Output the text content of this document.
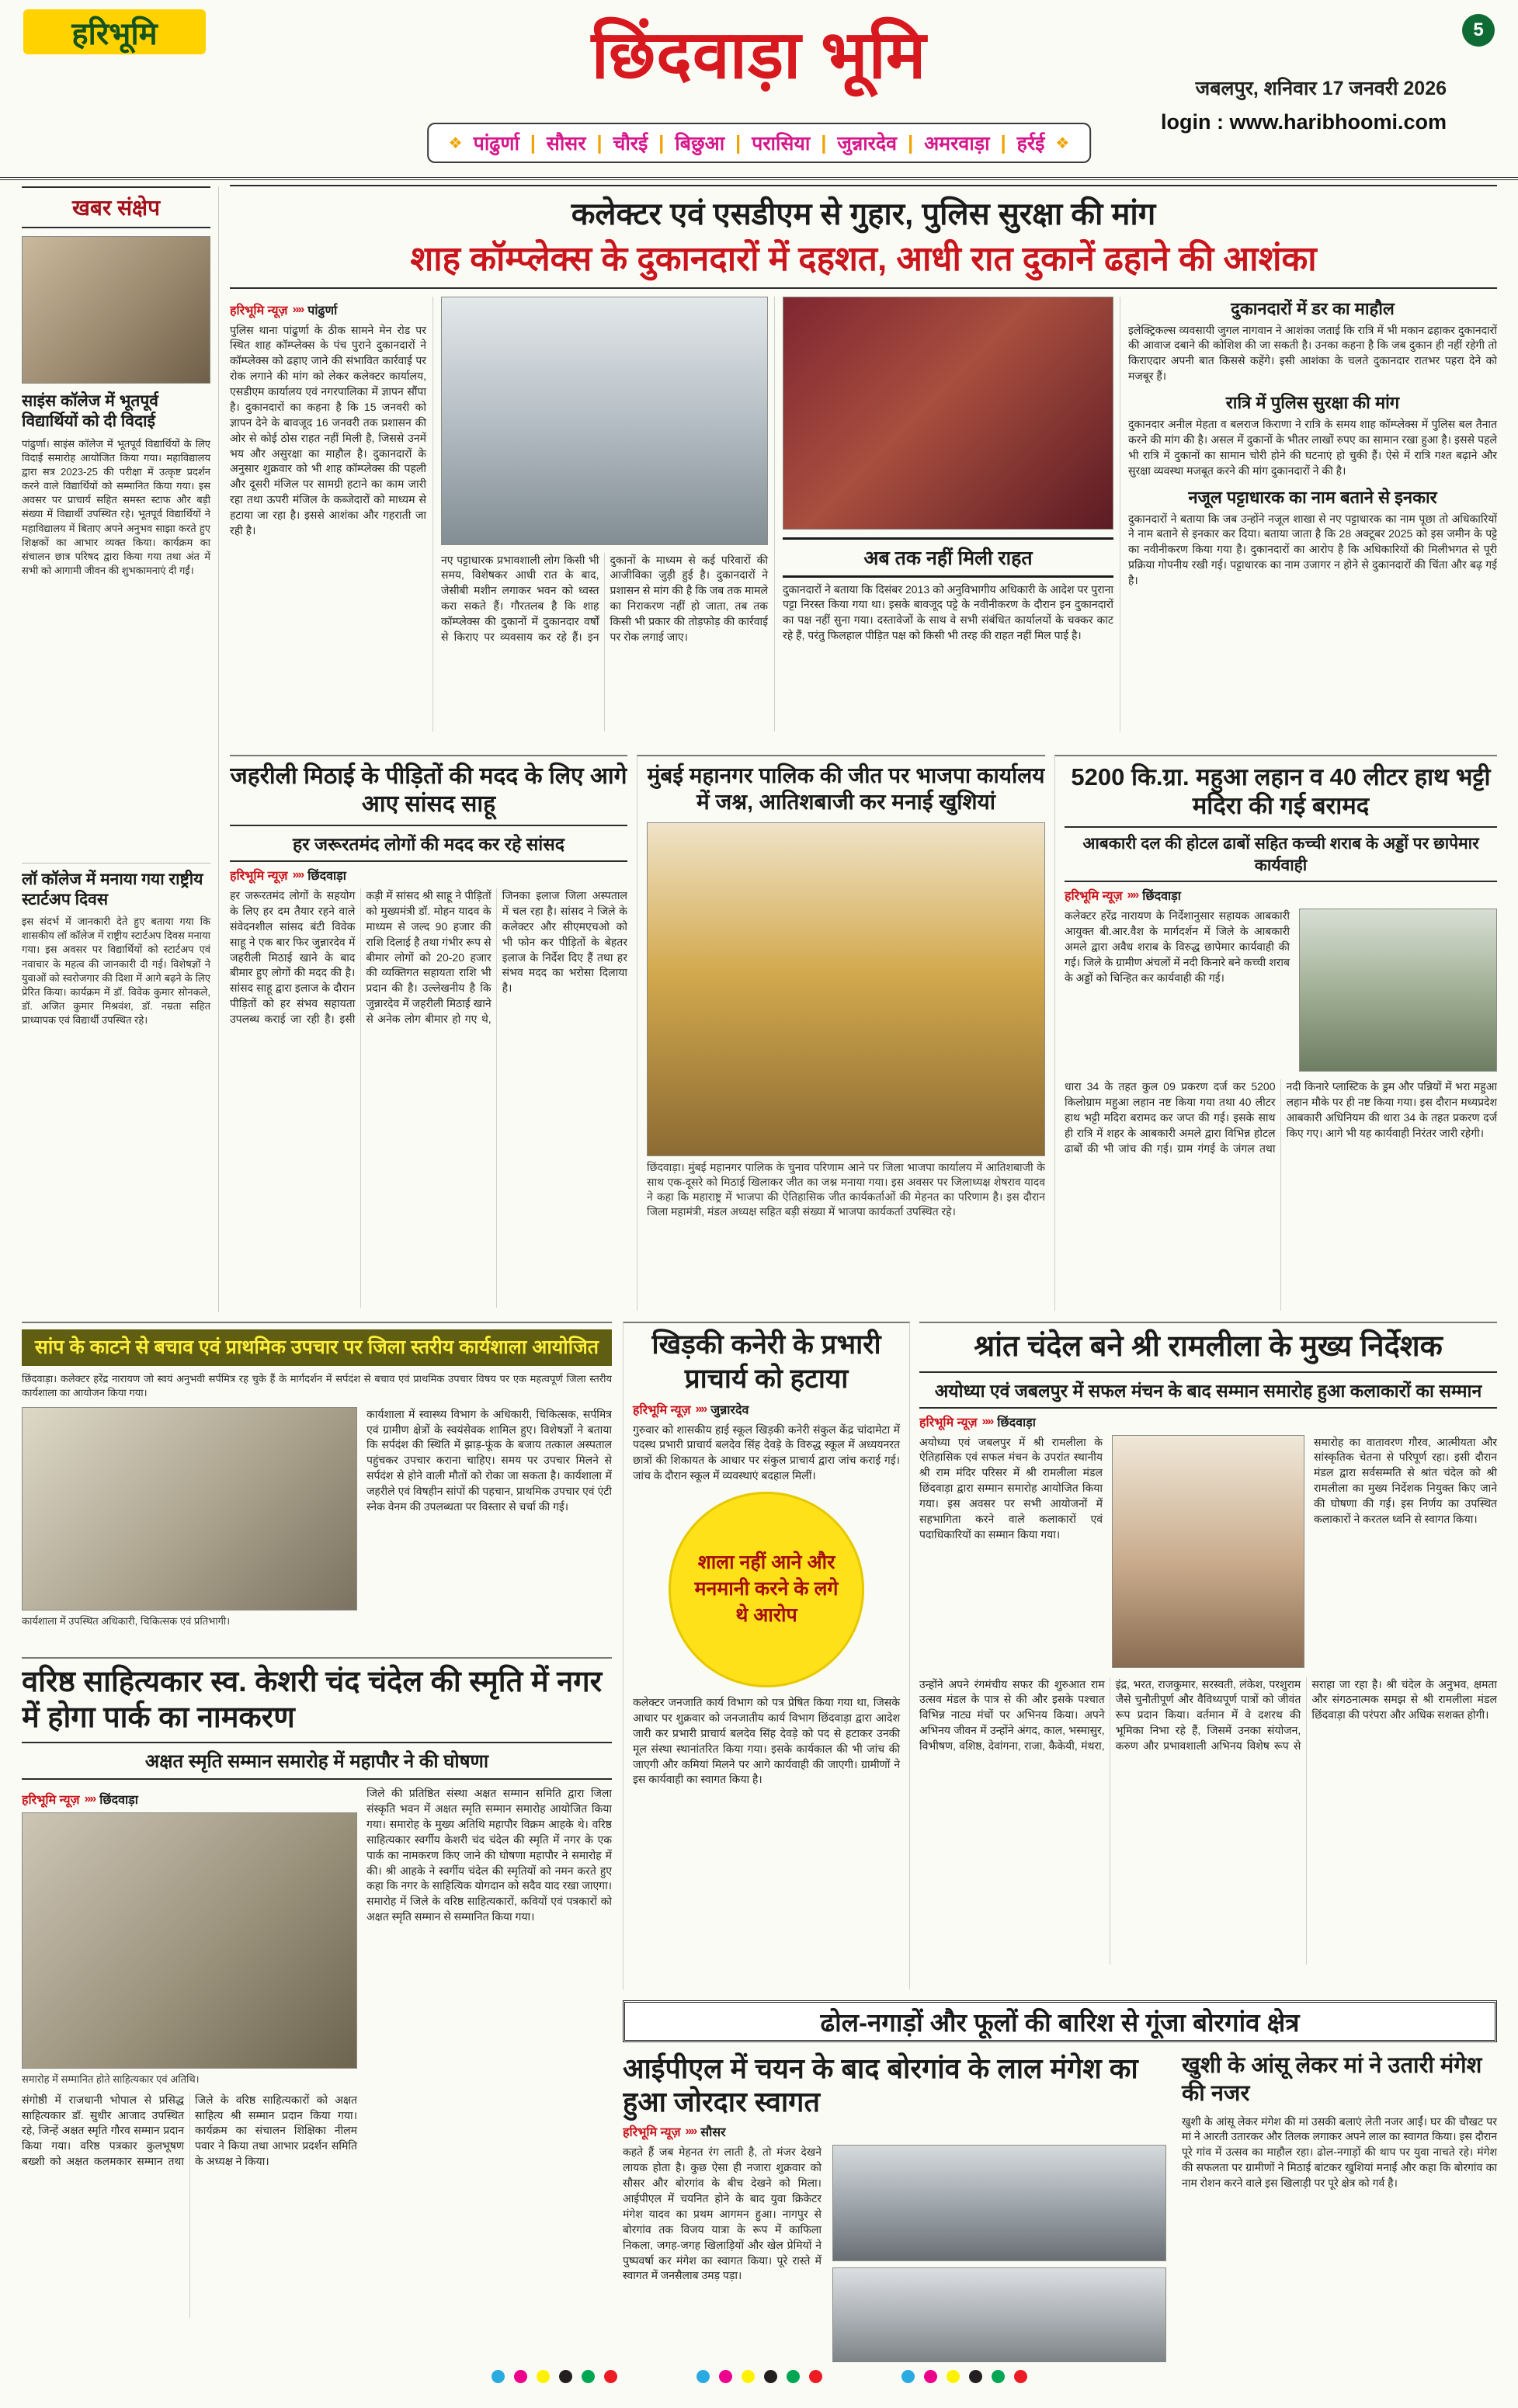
हरिभूमि	5
छिंदवाड़ा भूमि	जबलपुर, शनिवार 17 जनवरी 2026
login : www.haribhoomi.com
❖ पांढुर्णा | सौसर | चौरई | बिछुआ | परासिया | जुन्नारदेव | अमरवाड़ा | हर्रई ❖
खबर संक्षेप
साइंस कॉलेज में भूतपूर्व विद्यार्थियों को दी विदाई
पांढुर्णा। साइंस कॉलेज में भूतपूर्व विद्यार्थियों के लिए विदाई समारोह आयोजित किया गया। महाविद्यालय द्वारा सत्र 2023-25 की परीक्षा में उत्कृष्ट प्रदर्शन करने वाले विद्यार्थियों को सम्मानित किया गया। इस अवसर पर प्राचार्य सहित समस्त स्टाफ और बड़ी संख्या में विद्यार्थी उपस्थित रहे। भूतपूर्व विद्यार्थियों ने महाविद्यालय में बिताए अपने अनुभव साझा करते हुए शिक्षकों का आभार व्यक्त किया। कार्यक्रम का संचालन छात्र परिषद द्वारा किया गया तथा अंत में सभी को आगामी जीवन की शुभकामनाएं दी गईं।
लॉ कॉलेज में मनाया गया राष्ट्रीय स्टार्टअप दिवस
इस संदर्भ में जानकारी देते हुए बताया गया कि शासकीय लॉ कॉलेज में राष्ट्रीय स्टार्टअप दिवस मनाया गया। इस अवसर पर विद्यार्थियों को स्टार्टअप एवं नवाचार के महत्व की जानकारी दी गई। विशेषज्ञों ने युवाओं को स्वरोजगार की दिशा में आगे बढ़ने के लिए प्रेरित किया। कार्यक्रम में डॉ. विवेक कुमार सोनकले, डॉ. अजित कुमार मिश्रवंश, डॉ. नम्रता सहित प्राध्यापक एवं विद्यार्थी उपस्थित रहे।
कलेक्टर एवं एसडीएम से गुहार, पुलिस सुरक्षा की मांग
शाह कॉम्प्लेक्स के दुकानदारों में दहशत, आधी रात दुकानें ढहाने की आशंका
हरिभूमि न्यूज़ »» पांढुर्णा
पुलिस थाना पांढुर्णा के ठीक सामने मेन रोड पर स्थित शाह कॉम्प्लेक्स के पंच पुराने दुकानदारों ने कॉम्प्लेक्स को ढहाए जाने की संभावित कार्रवाई पर रोक लगाने की मांग को लेकर कलेक्टर कार्यालय, एसडीएम कार्यालय एवं नगरपालिका में ज्ञापन सौंपा है। दुकानदारों का कहना है कि 15 जनवरी को ज्ञापन देने के बावजूद 16 जनवरी तक प्रशासन की ओर से कोई ठोस राहत नहीं मिली है, जिससे उनमें भय और असुरक्षा का माहौल है। दुकानदारों के अनुसार शुक्रवार को भी शाह कॉम्प्लेक्स की पहली और दूसरी मंजिल पर सामग्री हटाने का काम जारी रहा तथा ऊपरी मंजिल के कब्जेदारों को माध्यम से हटाया जा रहा है। इससे आशंका और गहराती जा रही है।
नए पट्टाधारक प्रभावशाली लोग किसी भी समय, विशेषकर आधी रात के बाद, जेसीबी मशीन लगाकर भवन को ध्वस्त करा सकते हैं। गौरतलब है कि शाह कॉम्प्लेक्स की दुकानों में दुकानदार वर्षों से किराए पर व्यवसाय कर रहे हैं। इन दुकानों के माध्यम से कई परिवारों की आजीविका जुड़ी हुई है। दुकानदारों ने प्रशासन से मांग की है कि जब तक मामले का निराकरण नहीं हो जाता, तब तक किसी भी प्रकार की तोड़फोड़ की कार्रवाई पर रोक लगाई जाए।
अब तक नहीं मिली राहत
दुकानदारों ने बताया कि दिसंबर 2013 को अनुविभागीय अधिकारी के आदेश पर पुराना पट्टा निरस्त किया गया था। इसके बावजूद पट्टे के नवीनीकरण के दौरान इन दुकानदारों का पक्ष नहीं सुना गया। दस्तावेजों के साथ वे सभी संबंधित कार्यालयों के चक्कर काट रहे हैं, परंतु फिलहाल पीड़ित पक्ष को किसी भी तरह की राहत नहीं मिल पाई है।
दुकानदारों में डर का माहौल
इलेक्ट्रिकल्स व्यवसायी जुगल नागवान ने आशंका जताई कि रात्रि में भी मकान ढहाकर दुकानदारों की आवाज दबाने की कोशिश की जा सकती है। उनका कहना है कि जब दुकान ही नहीं रहेगी तो किराएदार अपनी बात किससे कहेंगे। इसी आशंका के चलते दुकानदार रातभर पहरा देने को मजबूर हैं।
रात्रि में पुलिस सुरक्षा की मांग
दुकानदार अनील मेहता व बलराज किराणा ने रात्रि के समय शाह कॉम्प्लेक्स में पुलिस बल तैनात करने की मांग की है। असल में दुकानों के भीतर लाखों रुपए का सामान रखा हुआ है। इससे पहले भी रात्रि में दुकानों का सामान चोरी होने की घटनाएं हो चुकी हैं। ऐसे में रात्रि गश्त बढ़ाने और सुरक्षा व्यवस्था मजबूत करने की मांग दुकानदारों ने की है।
नजूल पट्टाधारक का नाम बताने से इनकार
दुकानदारों ने बताया कि जब उन्होंने नजूल शाखा से नए पट्टाधारक का नाम पूछा तो अधिकारियों ने नाम बताने से इनकार कर दिया। बताया जाता है कि 28 अक्टूबर 2025 को इस जमीन के पट्टे का नवीनीकरण किया गया है। दुकानदारों का आरोप है कि अधिकारियों की मिलीभगत से पूरी प्रक्रिया गोपनीय रखी गई। पट्टाधारक का नाम उजागर न होने से दुकानदारों की चिंता और बढ़ गई है।
जहरीली मिठाई के पीड़ितों की मदद के लिए आगे आए सांसद साहू
हर जरूरतमंद लोगों की मदद कर रहे सांसद
हरिभूमि न्यूज़ »» छिंदवाड़ा
हर जरूरतमंद लोगों के सहयोग के लिए हर दम तैयार रहने वाले संवेदनशील सांसद बंटी विवेक साहू ने एक बार फिर जुन्नारदेव में जहरीली मिठाई खाने के बाद बीमार हुए लोगों की मदद की है। सांसद साहू द्वारा इलाज के दौरान पीड़ितों को हर संभव सहायता उपलब्ध कराई जा रही है। इसी कड़ी में सांसद श्री साहू ने पीड़ितों को मुख्यमंत्री डॉ. मोहन यादव के माध्यम से जल्द 90 हजार की राशि दिलाई है तथा गंभीर रूप से बीमार लोगों को 20-20 हजार की व्यक्तिगत सहायता राशि भी प्रदान की है। उल्लेखनीय है कि जुन्नारदेव में जहरीली मिठाई खाने से अनेक लोग बीमार हो गए थे, जिनका इलाज जिला अस्पताल में चल रहा है। सांसद ने जिले के कलेक्टर और सीएमएचओ को भी फोन कर पीड़ितों के बेहतर इलाज के निर्देश दिए हैं तथा हर संभव मदद का भरोसा दिलाया है।
मुंबई महानगर पालिक की जीत पर भाजपा कार्यालय में जश्न, आतिशबाजी कर मनाई खुशियां
छिंदवाड़ा। मुंबई महानगर पालिक के चुनाव परिणाम आने पर जिला भाजपा कार्यालय में आतिशबाजी के साथ एक-दूसरे को मिठाई खिलाकर जीत का जश्न मनाया गया। इस अवसर पर जिलाध्यक्ष शेषराव यादव ने कहा कि महाराष्ट्र में भाजपा की ऐतिहासिक जीत कार्यकर्ताओं की मेहनत का परिणाम है। इस दौरान जिला महामंत्री, मंडल अध्यक्ष सहित बड़ी संख्या में भाजपा कार्यकर्ता उपस्थित रहे।
5200 कि.ग्रा. महुआ लहान व 40 लीटर हाथ भट्टी मदिरा की गई बरामद
आबकारी दल की होटल ढाबों सहित कच्ची शराब के अड्डों पर छापेमार कार्यवाही
हरिभूमि न्यूज़ »» छिंदवाड़ा
कलेक्टर हरेंद्र नारायण के निर्देशानुसार सहायक आबकारी आयुक्त बी.आर.वैश के मार्गदर्शन में जिले के आबकारी अमले द्वारा अवैध शराब के विरुद्ध छापेमार कार्यवाही की गई। जिले के ग्रामीण अंचलों में नदी किनारे बने कच्ची शराब के अड्डों को चिन्हित कर कार्यवाही की गई।
धारा 34 के तहत कुल 09 प्रकरण दर्ज कर 5200 किलोग्राम महुआ लहान नष्ट किया गया तथा 40 लीटर हाथ भट्टी मदिरा बरामद कर जप्त की गई। इसके साथ ही रात्रि में शहर के आबकारी अमले द्वारा विभिन्न होटल ढाबों की भी जांच की गई। ग्राम गंगई के जंगल तथा नदी किनारे प्लास्टिक के ड्रम और पन्नियों में भरा महुआ लहान मौके पर ही नष्ट किया गया। इस दौरान मध्यप्रदेश आबकारी अधिनियम की धारा 34 के तहत प्रकरण दर्ज किए गए। आगे भी यह कार्यवाही निरंतर जारी रहेगी।
सांप के काटने से बचाव एवं प्राथमिक उपचार पर जिला स्तरीय कार्यशाला आयोजित
छिंदवाड़ा। कलेक्टर हरेंद्र नारायण जो स्वयं अनुभवी सर्पमित्र रह चुके हैं के मार्गदर्शन में सर्पदंश से बचाव एवं प्राथमिक उपचार विषय पर एक महत्वपूर्ण जिला स्तरीय कार्यशाला का आयोजन किया गया।
कार्यशाला में उपस्थित अधिकारी, चिकित्सक एवं प्रतिभागी।
कार्यशाला में स्वास्थ्य विभाग के अधिकारी, चिकित्सक, सर्पमित्र एवं ग्रामीण क्षेत्रों के स्वयंसेवक शामिल हुए। विशेषज्ञों ने बताया कि सर्पदंश की स्थिति में झाड़-फूंक के बजाय तत्काल अस्पताल पहुंचकर उपचार कराना चाहिए। समय पर उपचार मिलने से सर्पदंश से होने वाली मौतों को रोका जा सकता है। कार्यशाला में जहरीले एवं विषहीन सांपों की पहचान, प्राथमिक उपचार एवं एंटी स्नेक वेनम की उपलब्धता पर विस्तार से चर्चा की गई।
वरिष्ठ साहित्यकार स्व. केशरी चंद चंदेल की स्मृति में नगर में होगा पार्क का नामकरण
अक्षत स्मृति सम्मान समारोह में महापौर ने की घोषणा
हरिभूमि न्यूज़ »» छिंदवाड़ा
समारोह में सम्मानित होते साहित्यकार एवं अतिथि।
संगोष्ठी में राजधानी भोपाल से प्रसिद्ध साहित्यकार डॉ. सुधीर आजाद उपस्थित रहे, जिन्हें अक्षत स्मृति गौरव सम्मान प्रदान किया गया। वरिष्ठ पत्रकार कुलभूषण बख्शी को अक्षत कलमकार सम्मान तथा जिले के वरिष्ठ साहित्यकारों को अक्षत साहित्य श्री सम्मान प्रदान किया गया। कार्यक्रम का संचालन शिक्षिका नीलम पवार ने किया तथा आभार प्रदर्शन समिति के अध्यक्ष ने किया।
जिले की प्रतिष्ठित संस्था अक्षत सम्मान समिति द्वारा जिला संस्कृति भवन में अक्षत स्मृति सम्मान समारोह आयोजित किया गया। समारोह के मुख्य अतिथि महापौर विक्रम आहके थे। वरिष्ठ साहित्यकार स्वर्गीय केशरी चंद चंदेल की स्मृति में नगर के एक पार्क का नामकरण किए जाने की घोषणा महापौर ने समारोह में की। श्री आहके ने स्वर्गीय चंदेल की स्मृतियों को नमन करते हुए कहा कि नगर के साहित्यिक योगदान को सदैव याद रखा जाएगा। समारोह में जिले के वरिष्ठ साहित्यकारों, कवियों एवं पत्रकारों को अक्षत स्मृति सम्मान से सम्मानित किया गया।
खिड़की कनेरी के प्रभारी प्राचार्य को हटाया
हरिभूमि न्यूज़ »» जुन्नारदेव
गुरुवार को शासकीय हाई स्कूल खिड़की कनेरी संकुल केंद्र चांदामेटा में पदस्थ प्रभारी प्राचार्य बलदेव सिंह देवड़े के विरुद्ध स्कूल में अध्ययनरत छात्रों की शिकायत के आधार पर संकुल प्राचार्य द्वारा जांच कराई गई। जांच के दौरान स्कूल में व्यवस्थाएं बदहाल मिलीं।
शाला नहीं आने और मनमानी करने के लगे थे आरोप
कलेक्टर जनजाति कार्य विभाग को पत्र प्रेषित किया गया था, जिसके आधार पर शुक्रवार को जनजातीय कार्य विभाग छिंदवाड़ा द्वारा आदेश जारी कर प्रभारी प्राचार्य बलदेव सिंह देवड़े को पद से हटाकर उनकी मूल संस्था स्थानांतरित किया गया। इसके कार्यकाल की भी जांच की जाएगी और कमियां मिलने पर आगे कार्यवाही की जाएगी। ग्रामीणों ने इस कार्यवाही का स्वागत किया है।
श्रांत चंदेल बने श्री रामलीला के मुख्य निर्देशक
अयोध्या एवं जबलपुर में सफल मंचन के बाद सम्मान समारोह हुआ कलाकारों का सम्मान
हरिभूमि न्यूज़ »» छिंदवाड़ा
अयोध्या एवं जबलपुर में श्री रामलीला के ऐतिहासिक एवं सफल मंचन के उपरांत स्थानीय श्री राम मंदिर परिसर में श्री रामलीला मंडल छिंदवाड़ा द्वारा सम्मान समारोह आयोजित किया गया। इस अवसर पर सभी आयोजनों में सहभागिता करने वाले कलाकारों एवं पदाधिकारियों का सम्मान किया गया।
समारोह का वातावरण गौरव, आत्मीयता और सांस्कृतिक चेतना से परिपूर्ण रहा। इसी दौरान मंडल द्वारा सर्वसम्मति से श्रांत चंदेल को श्री रामलीला का मुख्य निर्देशक नियुक्त किए जाने की घोषणा की गई। इस निर्णय का उपस्थित कलाकारों ने करतल ध्वनि से स्वागत किया।
उन्होंने अपने रंगमंचीय सफर की शुरुआत राम उत्सव मंडल के पात्र से की और इसके पश्चात विभिन्न नाट्य मंचों पर अभिनय किया। अपने अभिनय जीवन में उन्होंने अंगद, काल, भस्मासुर, विभीषण, वशिष्ठ, देवांगना, राजा, कैकेयी, मंथरा, इंद्र, भरत, राजकुमार, सरस्वती, लंकेश, परशुराम जैसे चुनौतीपूर्ण और वैविध्यपूर्ण पात्रों को जीवंत रूप प्रदान किया। वर्तमान में वे दशरथ की भूमिका निभा रहे हैं, जिसमें उनका संयोजन, करुण और प्रभावशाली अभिनय विशेष रूप से सराहा जा रहा है। श्री चंदेल के अनुभव, क्षमता और संगठनात्मक समझ से श्री रामलीला मंडल छिंदवाड़ा की परंपरा और अधिक सशक्त होगी।
ढोल-नगाड़ों और फूलों की बारिश से गूंजा बोरगांव क्षेत्र
आईपीएल में चयन के बाद बोरगांव के लाल मंगेश का हुआ जोरदार स्वागत
हरिभूमि न्यूज़ »» सौसर
कहते हैं जब मेहनत रंग लाती है, तो मंजर देखने लायक होता है। कुछ ऐसा ही नजारा शुक्रवार को सौसर और बोरगांव के बीच देखने को मिला। आईपीएल में चयनित होने के बाद युवा क्रिकेटर मंगेश यादव का प्रथम आगमन हुआ। नागपुर से बोरगांव तक विजय यात्रा के रूप में काफिला निकला, जगह-जगह खिलाड़ियों और खेल प्रेमियों ने पुष्पवर्षा कर मंगेश का स्वागत किया। पूरे रास्ते में स्वागत में जनसैलाब उमड़ पड़ा।
खुशी के आंसू लेकर मां ने उतारी मंगेश की नजर
खुशी के आंसू लेकर मंगेश की मां उसकी बलाएं लेती नजर आईं। घर की चौखट पर मां ने आरती उतारकर और तिलक लगाकर अपने लाल का स्वागत किया। इस दौरान पूरे गांव में उत्सव का माहौल रहा। ढोल-नगाड़ों की थाप पर युवा नाचते रहे। मंगेश की सफलता पर ग्रामीणों ने मिठाई बांटकर खुशियां मनाईं और कहा कि बोरगांव का नाम रोशन करने वाले इस खिलाड़ी पर पूरे क्षेत्र को गर्व है।
